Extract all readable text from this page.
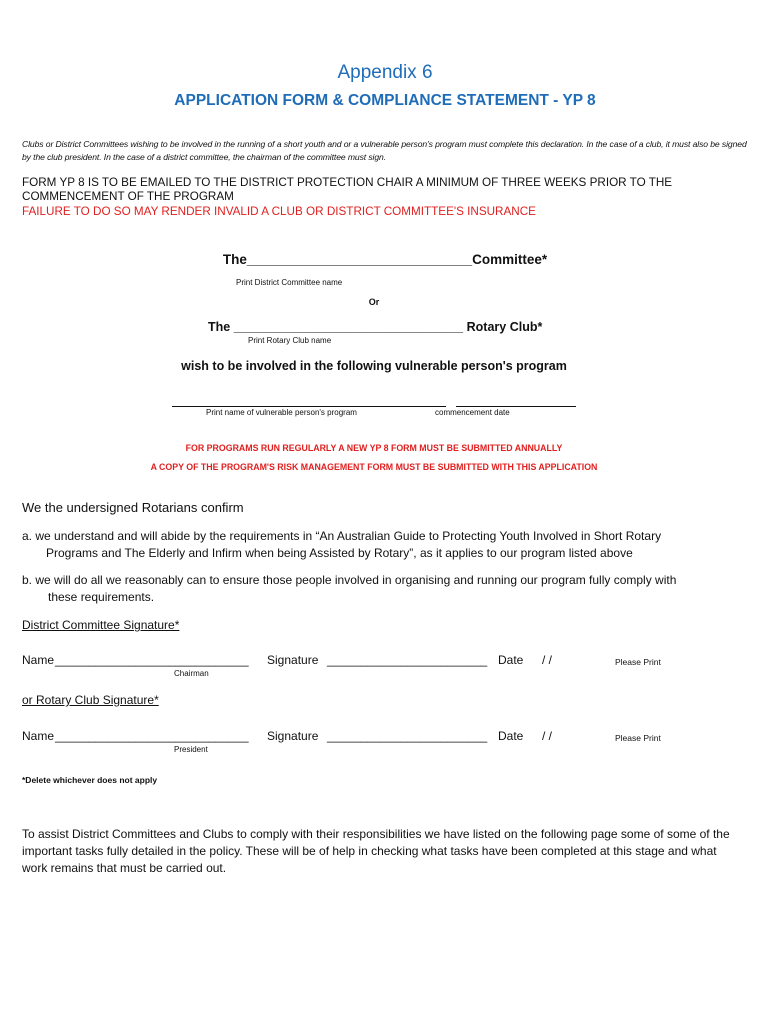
Appendix 6
APPLICATION FORM & COMPLIANCE STATEMENT - YP 8
Clubs or District Committees wishing to be involved in the running of a short youth and or a vulnerable person's program must complete this declaration. In the case of a club, it must also be signed by the club president. In the case of a district committee, the chairman of the committee must sign.
FORM YP 8 IS TO BE EMAILED TO THE DISTRICT PROTECTION CHAIR A MINIMUM OF THREE WEEKS PRIOR TO THE COMMENCEMENT OF THE PROGRAM
FAILURE TO DO SO MAY RENDER INVALID A CLUB OR DISTRICT COMMITTEE'S INSURANCE
The______________________________Committee*
Print District Committee name
Or
The _________________________________ Rotary Club*
Print Rotary Club name
wish to be involved in the following vulnerable person's program
Print name of vulnerable person's program	commencement date
FOR PROGRAMS RUN REGULARLY A NEW YP 8 FORM MUST BE SUBMITTED ANNUALLY
A COPY OF THE PROGRAM'S RISK MANAGEMENT FORM MUST BE SUBMITTED WITH THIS APPLICATION
We the undersigned Rotarians confirm
a. we understand and will abide by the requirements in “An Australian Guide to Protecting Youth Involved in Short Rotary
Programs and The Elderly and Infirm when being Assisted by Rotary”, as it applies to our program listed above
b. we will do all we reasonably can to ensure those people involved in organising and running our program fully comply with
these requirements.
District Committee Signature*
Name _____________________________
Chairman
Signature ________________________ Date / /	Please Print
or Rotary Club Signature*
Name _____________________________
President
Signature ________________________ Date / /	Please Print
*Delete whichever does not apply
To assist District Committees and Clubs to comply with their responsibilities we have listed on the following page some of some of the important tasks fully detailed in the policy. These will be of help in checking what tasks have been completed at this stage and what work remains that must be carried out.
